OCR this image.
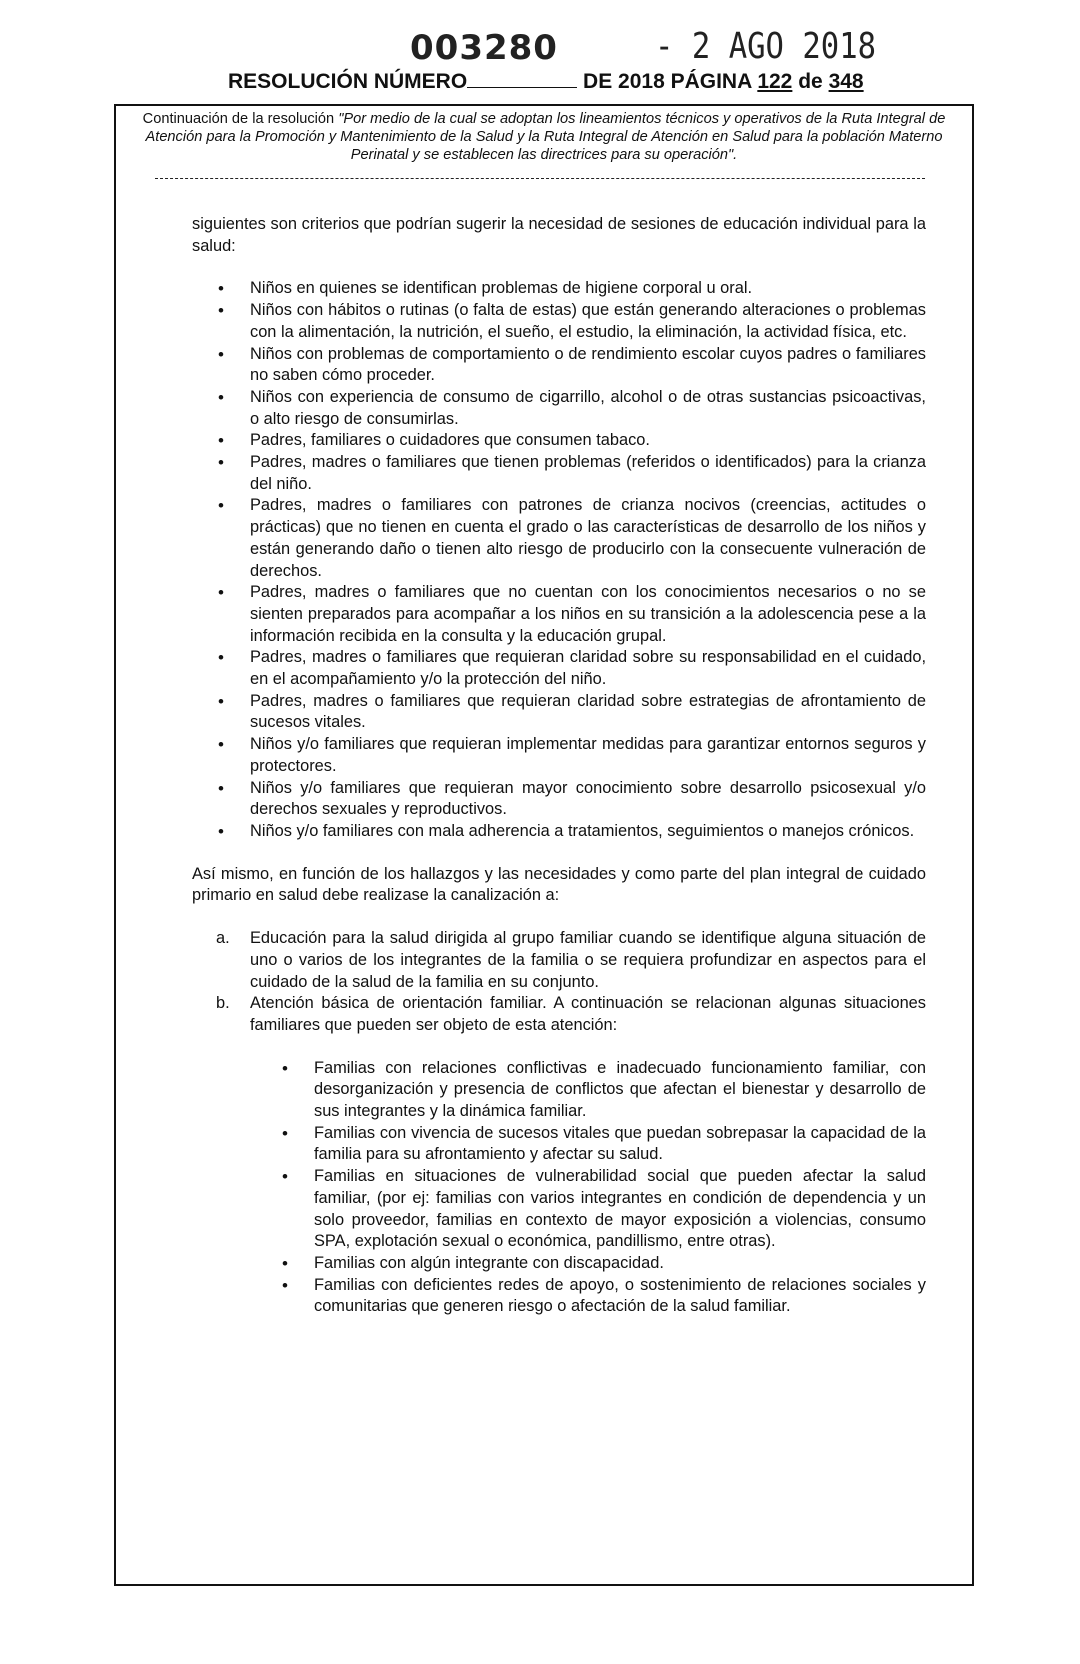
003280	- 2 AGO 2018
RESOLUCIÓN NÚMERO	DE 2018 PÁGINA 122 de 348
Continuación de la resolución "Por medio de la cual se adoptan los lineamientos técnicos y operativos de la Ruta Integral de Atención para la Promoción y Mantenimiento de la Salud y la Ruta Integral de Atención en Salud para la población Materno Perinatal y se establecen las directrices para su operación".

siguientes son criterios que podrían sugerir la necesidad de sesiones de educación individual para la salud:

• Niños en quienes se identifican problemas de higiene corporal u oral.
• Niños con hábitos o rutinas (o falta de estas) que están generando alteraciones o problemas con la alimentación, la nutrición, el sueño, el estudio, la eliminación, la actividad física, etc.
• Niños con problemas de comportamiento o de rendimiento escolar cuyos padres o familiares no saben cómo proceder.
• Niños con experiencia de consumo de cigarrillo, alcohol o de otras sustancias psicoactivas, o alto riesgo de consumirlas.
• Padres, familiares o cuidadores que consumen tabaco.
• Padres, madres o familiares que tienen problemas (referidos o identificados) para la crianza del niño.
• Padres, madres o familiares con patrones de crianza nocivos (creencias, actitudes o prácticas) que no tienen en cuenta el grado o las características de desarrollo de los niños y están generando daño o tienen alto riesgo de producirlo con la consecuente vulneración de derechos.
• Padres, madres o familiares que no cuentan con los conocimientos necesarios o no se sienten preparados para acompañar a los niños en su transición a la adolescencia pese a la información recibida en la consulta y la educación grupal.
• Padres, madres o familiares que requieran claridad sobre su responsabilidad en el cuidado, en el acompañamiento y/o la protección del niño.
• Padres, madres o familiares que requieran claridad sobre estrategias de afrontamiento de sucesos vitales.
• Niños y/o familiares que requieran implementar medidas para garantizar entornos seguros y protectores.
• Niños y/o familiares que requieran mayor conocimiento sobre desarrollo psicosexual y/o derechos sexuales y reproductivos.
• Niños y/o familiares con mala adherencia a tratamientos, seguimientos o manejos crónicos.

Así mismo, en función de los hallazgos y las necesidades y como parte del plan integral de cuidado primario en salud debe realizase la canalización a:

a. Educación para la salud dirigida al grupo familiar cuando se identifique alguna situación de uno o varios de los integrantes de la familia o se requiera profundizar en aspectos para el cuidado de la salud de la familia en su conjunto.
b. Atención básica de orientación familiar. A continuación se relacionan algunas situaciones familiares que pueden ser objeto de esta atención:
• Familias con relaciones conflictivas e inadecuado funcionamiento familiar, con desorganización y presencia de conflictos que afectan el bienestar y desarrollo de sus integrantes y la dinámica familiar.
• Familias con vivencia de sucesos vitales que puedan sobrepasar la capacidad de la familia para su afrontamiento y afectar su salud.
• Familias en situaciones de vulnerabilidad social que pueden afectar la salud familiar, (por ej: familias con varios integrantes en condición de dependencia y un solo proveedor, familias en contexto de mayor exposición a violencias, consumo SPA, explotación sexual o económica, pandillismo, entre otras).
• Familias con algún integrante con discapacidad.
• Familias con deficientes redes de apoyo, o sostenimiento de relaciones sociales y comunitarias que generen riesgo o afectación de la salud familiar.
